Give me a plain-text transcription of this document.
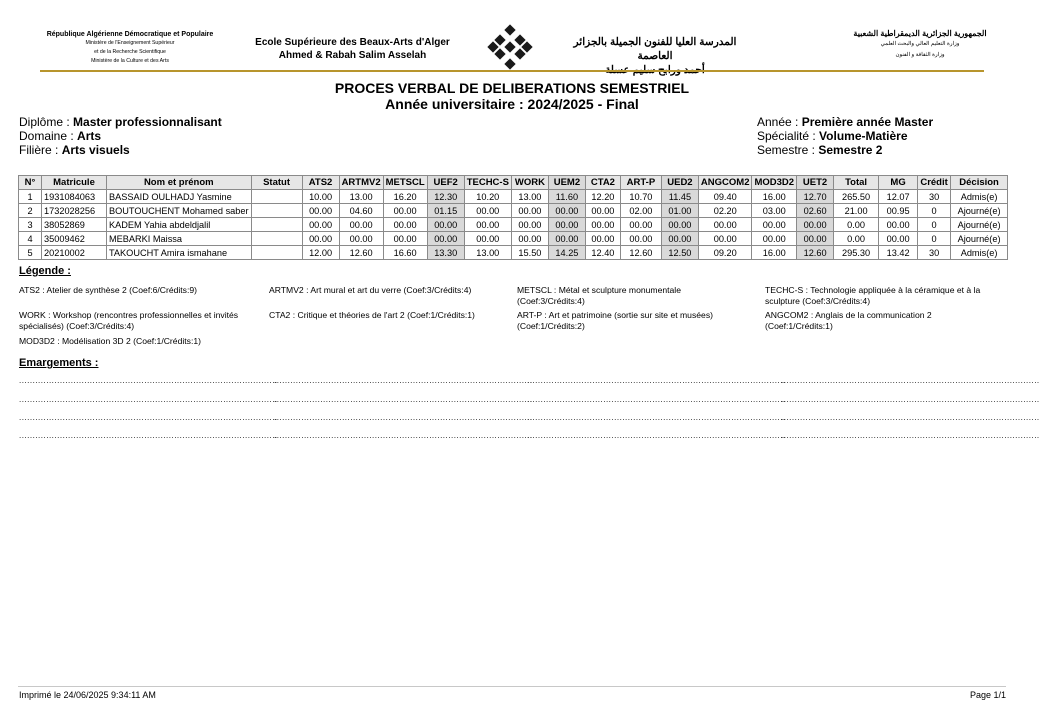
République Algérienne Démocratique et Populaire
Ministère de l'Enseignement Supérieur
et de la Recherche Scientifique
Ministère de la Culture et des Arts
Ecole Supérieure des Beaux-Arts d'Alger
Ahmed & Rabah Salim Asselah
المدرسة العليا للفنون الجميلة بالجزائر العاصمة
الجمهورية الجزائرية الديمقراطية الشعبية
وزارة التعليم العالي والبحث العلمي
وزارة الثقافة و الفنون
PROCES VERBAL DE DELIBERATIONS SEMESTRIEL
Année universitaire : 2024/2025 - Final
Diplôme : Master professionnalisant
Domaine : Arts
Filière : Arts visuels
Année : Première année Master
Spécialité : Volume-Matière
Semestre : Semestre 2
N°	Matricule	Nom et prénom	Statut	ATS2	ARTMV2	METSCL	UEF2	TECHC-S	WORK	UEM2	CTA2	ART-P	UED2	ANGCOM2	MOD3D2	UET2	Total	MG	Crédit	Décision
1	1931084063	BASSAID OULHADJ Yasmine		10.00	13.00	16.20	12.30	10.20	13.00	11.60	12.20	10.70	11.45	09.40	16.00	12.70	265.50	12.07	30	Admis(e)
2	1732028256	BOUTOUCHENT Mohamed saber		00.00	04.60	00.00	01.15	00.00	00.00	00.00	00.00	02.00	01.00	02.20	03.00	02.60	21.00	00.95	0	Ajourné(e)
3	38052869	KADEM Yahia abdeldjalil		00.00	00.00	00.00	00.00	00.00	00.00	00.00	00.00	00.00	00.00	00.00	00.00	00.00	0.00	00.00	0	Ajourné(e)
4	35009462	MEBARKI Maissa		00.00	00.00	00.00	00.00	00.00	00.00	00.00	00.00	00.00	00.00	00.00	00.00	00.00	0.00	00.00	0	Ajourné(e)
5	20210002	TAKOUCHT Amira ismahane		12.00	12.60	16.60	13.30	13.00	15.50	14.25	12.40	12.60	12.50	09.20	16.00	12.60	295.30	13.42	30	Admis(e)
Légende :
ATS2 : Atelier de synthèse 2 (Coef:6/Crédits:9)	ARTMV2 : Art mural et art du verre (Coef:3/Crédits:4)	METSCL : Métal et sculpture monumentale (Coef:3/Crédits:4)
TECHC-S : Technologie appliquée à la céramique et à la sculpture (Coef:3/Crédits:4)
WORK : Workshop (rencontres professionnelles et invités spécialisés) (Coef:3/Crédits:4)
CTA2 : Critique et théories de l'art 2 (Coef:1/Crédits:1)	ART-P : Art et patrimoine (sortie sur site et musées) (Coef:1/Crédits:2)
ANGCOM2 : Anglais de la communication 2 (Coef:1/Crédits:1)
MOD3D2 : Modélisation 3D 2 (Coef:1/Crédits:1)
Emargements :
...............................................................................................
...............................................................................................
...............................................................................................
...............................................................................................
...............................................................................................
...............................................................................................
...............................................................................................
...............................................................................................
...............................................................................................
...............................................................................................
...............................................................................................
...............................................................................................
...............................................................................................
...............................................................................................
...............................................................................................
...............................................................................................
Imprimé le 24/06/2025 9:34:11 AM	Page 1/1
